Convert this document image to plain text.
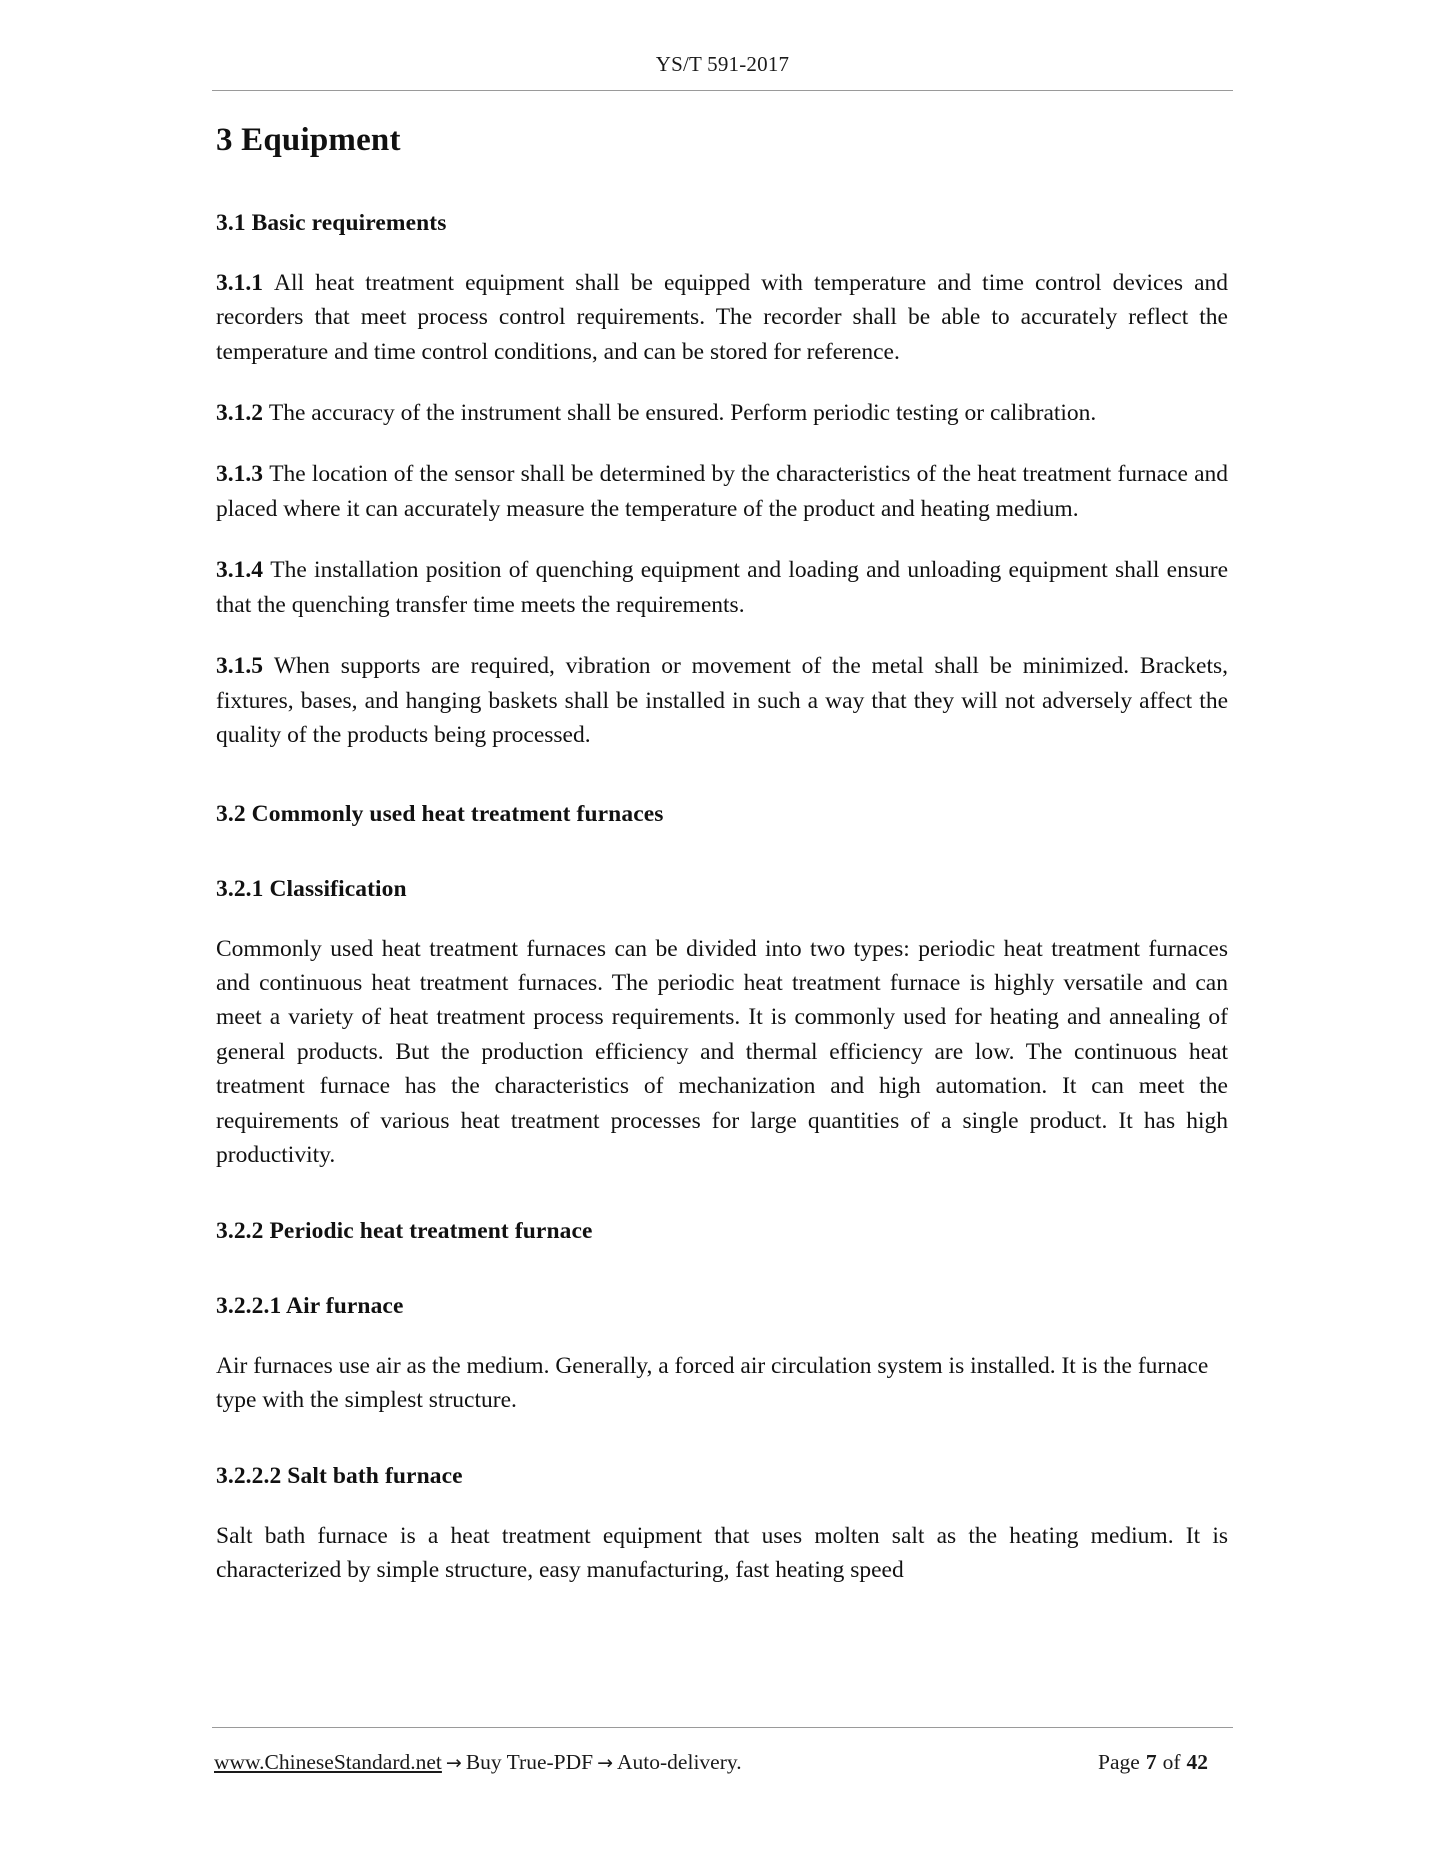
YS/T 591-2017
3 Equipment
3.1 Basic requirements

3.1.1 All heat treatment equipment shall be equipped with temperature and time control devices and recorders that meet process control requirements. The recorder shall be able to accurately reflect the temperature and time control conditions, and can be stored for reference.

3.1.2 The accuracy of the instrument shall be ensured. Perform periodic testing or calibration.

3.1.3 The location of the sensor shall be determined by the characteristics of the heat treatment furnace and placed where it can accurately measure the temperature of the product and heating medium.

3.1.4 The installation position of quenching equipment and loading and unloading equipment shall ensure that the quenching transfer time meets the requirements.

3.1.5 When supports are required, vibration or movement of the metal shall be minimized. Brackets, fixtures, bases, and hanging baskets shall be installed in such a way that they will not adversely affect the quality of the products being processed.

3.2 Commonly used heat treatment furnaces
3.2.1 Classification

Commonly used heat treatment furnaces can be divided into two types: periodic heat treatment furnaces and continuous heat treatment furnaces. The periodic heat treatment furnace is highly versatile and can meet a variety of heat treatment process requirements. It is commonly used for heating and annealing of general products. But the production efficiency and thermal efficiency are low. The continuous heat treatment furnace has the characteristics of mechanization and high automation. It can meet the requirements of various heat treatment processes for large quantities of a single product. It has high productivity.

3.2.2 Periodic heat treatment furnace
3.2.2.1 Air furnace

Air furnaces use air as the medium. Generally, a forced air circulation system is installed. It is the furnace type with the simplest structure.

3.2.2.2 Salt bath furnace

Salt bath furnace is a heat treatment equipment that uses molten salt as the heating medium. It is characterized by simple structure, easy manufacturing, fast heating speed

www.ChineseStandard.net → Buy True-PDF → Auto-delivery.	Page 7 of 42
